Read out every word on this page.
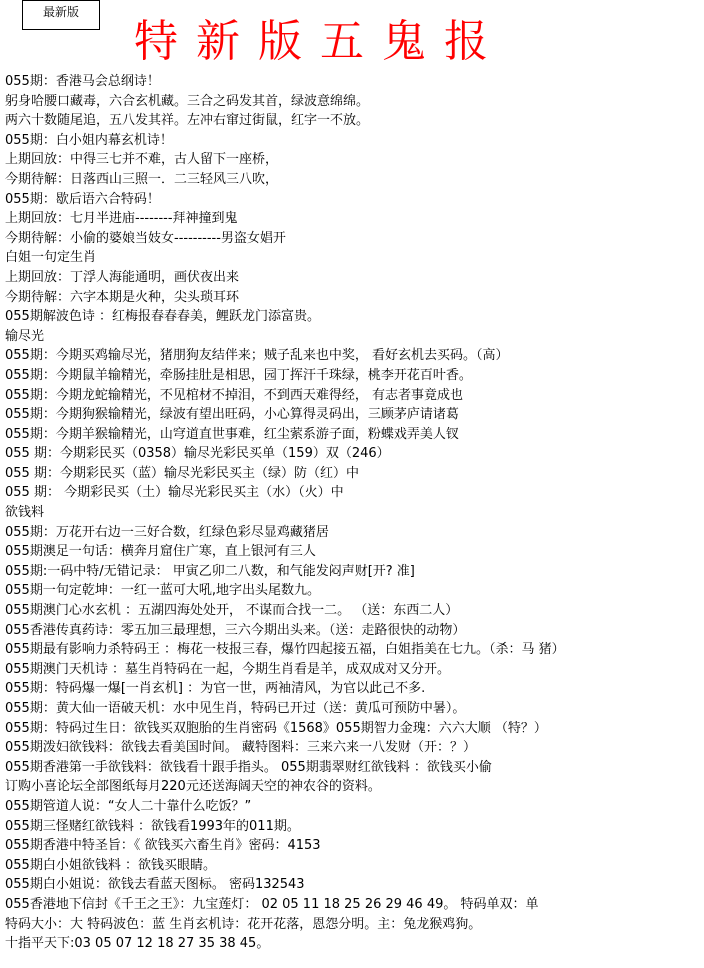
最新版
特新版五鬼报
055期：香港马会总纲诗！
躬身哈腰口藏毒，六合玄机藏。三合之码发其首，绿波意绵绵。
两六十数随尾追，五八发其祥。左冲右窜过街鼠，红字一不放。
055期：白小姐内幕玄机诗！
上期回放：中得三七并不难，古人留下一座桥，
今期待解：日落西山三照一．二三轻风三八吹，
055期：歇后语六合特码！
上期回放：七月半进庙--------拜神撞到鬼
今期待解：小偷的婆娘当妓女----------男盗女娼开
白姐一句定生肖
上期回放：丁浮人海能通明，画伏夜出来
今期待解：六字本期是火种，尖头琐耳环
055期解波色诗 ：红梅报春春春美，鲤跃龙门添富贵。
输尽光
055期：今期买鸡输尽光，猪朋狗友结伴来；贼子乱来也中奖， 看好玄机去买码。（高）
055期：今期鼠羊输精光，牵肠挂肚是相思，园丁挥汗千珠绿，桃李开花百叶香。
055期：今期龙蛇输精光，不见棺材不掉泪，不到西天难得经， 有志者事竟成也
055期：今期狗猴输精光，绿波有望出旺码，小心算得灵码出，三顾茅庐请诸葛
055期：今期羊猴输精光，山穹道直世事难，红尘萦系游子面，粉蝶戏弄美人钗
055 期：今期彩民买（0358）输尽光彩民买单（159）双（246）
055 期：今期彩民买（蓝）输尽光彩民买主（绿）防（红）中
055 期： 今期彩民买（土）输尽光彩民买主（水）（火）中
欲钱料
055期：万花开右边一三好合数，红绿色彩尽显鸡藏猪居
055期澳足一句话：横奔月窟住广寒，直上银河有三人
055期:一码中特/无错记录： 甲寅乙卯二八数，和气能发闷声财[开? 准]
055期一句定乾坤：一红一蓝可大吼,地字出头尾数九。
055期澳门心水玄机 ：五湖四海处处开， 不谋而合找一二。 （送：东西二人）
055香港传真药诗：零五加三最理想，三六今期出头来。（送：走路很快的动物）
055期最有影响力杀特码王 ：梅花一枝报三春，爆竹四起接五福，白姐指美在七九。（杀：马 猪）
055期澳门天机诗 ：墓生肖特码在一起，今期生肖看是羊，成双成对又分开。
055期：特码爆一爆[一肖玄机] ：为官一世，两袖清风，为官以此己不多.
055期：黄大仙一语破天机：水中见生肖，特码已开过（送：黄瓜可预防中暑）。
055期：特码过生日：欲钱买双胞胎的生肖密码《1568》055期智力金瑰：六六大顺 （特？）
055期泼妇欲钱料：欲钱去看美国时间。 藏特图料：三来六来一八发财（开：？）
055期香港第一手欲钱料：欲钱看十跟手指头。 055期翡翠财红欲钱料 ：欲钱买小偷
订购小喜论坛全部图纸每月220元还送海阔天空的神农谷的资料。
055期管道人说：“女人二十靠什么吃饭？”
055期三怪赌红欲钱料 ：欲钱看1993年的011期。
055期香港中特圣旨：《 欲钱买六畜生肖》密码：4153
055期白小姐欲钱料 ：欲钱买眼睛。
055期白小姐说：欲钱去看蓝天图标。 密码132543
055香港地下信封《千王之王》：九宝莲灯： 02 05 11 18 25 26 29 46 49。 特码单双：单
特码大小：大 特码波色：蓝 生肖玄机诗：花开花落，恩怨分明。主：兔龙猴鸡狗。
十指平天下:03 05 07 12 18 27 35 38 45。
